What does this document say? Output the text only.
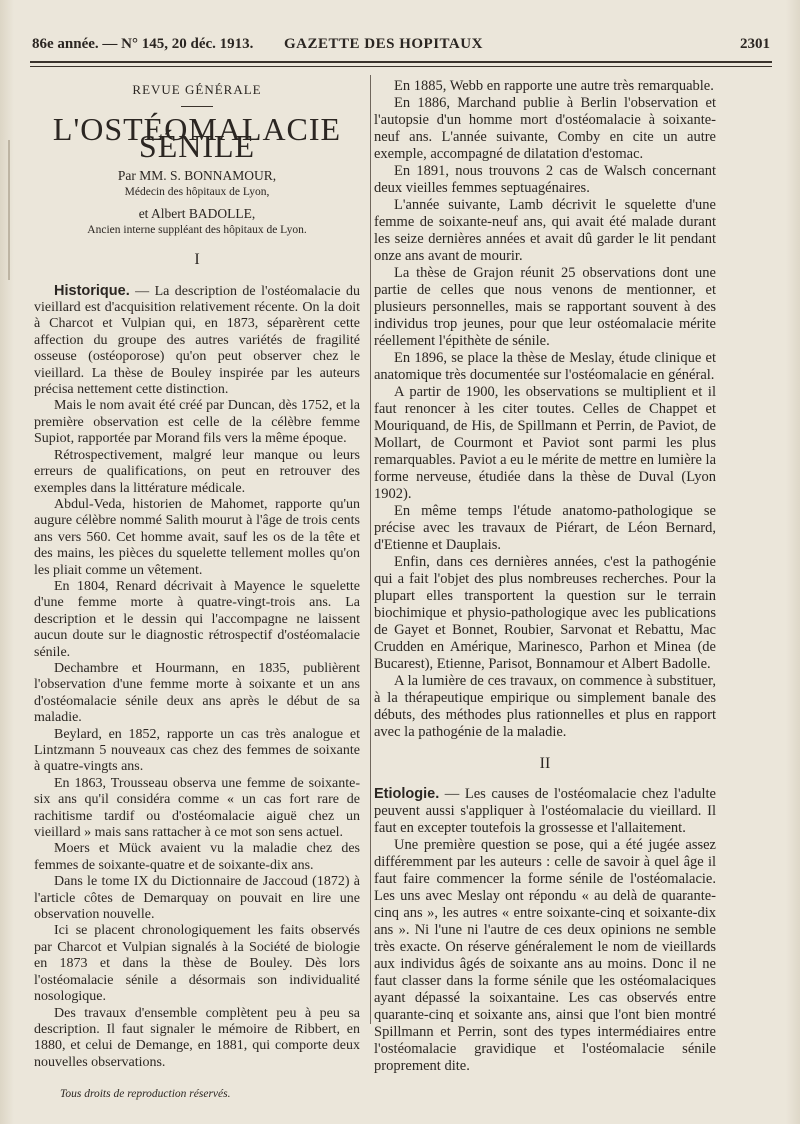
86e année. — N° 145, 20 déc. 1913. GAZETTE DES HOPITAUX	2301
REVUE GÉNÉRALE
L'OSTÉOMALACIE SÉNILE
Par MM. S. BONNAMOUR,
Médecin des hôpitaux de Lyon,
et Albert BADOLLE,
Ancien interne suppléant des hôpitaux de Lyon.
I

Historique. — La description de l'ostéomalacie du vieillard est d'acquisition relativement récente. On la doit à Charcot et Vulpian qui, en 1873, séparèrent cette affection du groupe des autres variétés de fragilité osseuse (ostéoporose) qu'on peut observer chez le vieillard. La thèse de Bouley inspirée par les auteurs précisa nettement cette distinction.

Mais le nom avait été créé par Duncan, dès 1752, et la première observation est celle de la célèbre femme Supiot, rapportée par Morand fils vers la même époque.

Rétrospectivement, malgré leur manque ou leurs erreurs de qualifications, on peut en retrouver des exemples dans la littérature médicale.

Abdul-Veda, historien de Mahomet, rapporte qu'un augure célèbre nommé Salith mourut à l'âge de trois cents ans vers 560. Cet homme avait, sauf les os de la tête et des mains, les pièces du squelette tellement molles qu'on les pliait comme un vêtement.

En 1804, Renard décrivait à Mayence le squelette d'une femme morte à quatre-vingt-trois ans. La description et le dessin qui l'accompagne ne laissent aucun doute sur le diagnostic rétrospectif d'ostéomalacie sénile.

Dechambre et Hourmann, en 1835, publièrent l'observation d'une femme morte à soixante et un ans d'ostéomalacie sénile deux ans après le début de sa maladie.

Beylard, en 1852, rapporte un cas très analogue et Lintzmann 5 nouveaux cas chez des femmes de soixante à quatre-vingts ans.

En 1863, Trousseau observa une femme de soixante-six ans qu'il considéra comme « un cas fort rare de rachitisme tardif ou d'ostéomalacie aiguë chez un vieillard » mais sans rattacher à ce mot son sens actuel.

Moers et Mück avaient vu la maladie chez des femmes de soixante-quatre et de soixante-dix ans.

Dans le tome IX du Dictionnaire de Jaccoud (1872) à l'article côtes de Demarquay on pouvait en lire une observation nouvelle.

Ici se placent chronologiquement les faits observés par Charcot et Vulpian signalés à la Société de biologie en 1873 et dans la thèse de Bouley. Dès lors l'ostéomalacie sénile a désormais son individualité nosologique.

Des travaux d'ensemble complètent peu à peu sa description. Il faut signaler le mémoire de Ribbert, en 1880, et celui de Demange, en 1881, qui comporte deux nouvelles observations.

En 1885, Webb en rapporte une autre très remarquable.

En 1886, Marchand publie à Berlin l'observation et l'autopsie d'un homme mort d'ostéomalacie à soixante-neuf ans. L'année suivante, Comby en cite un autre exemple, accompagné de dilatation d'estomac.

En 1891, nous trouvons 2 cas de Walsch concernant deux vieilles femmes septuagénaires.

L'année suivante, Lamb décrivit le squelette d'une femme de soixante-neuf ans, qui avait été malade durant les seize dernières années et avait dû garder le lit pendant onze ans avant de mourir.

La thèse de Grajon réunit 25 observations dont une partie de celles que nous venons de mentionner, et plusieurs personnelles, mais se rapportant souvent à des individus trop jeunes, pour que leur ostéomalacie mérite réellement l'épithète de sénile.

En 1896, se place la thèse de Meslay, étude clinique et anatomique très documentée sur l'ostéomalacie en général.

A partir de 1900, les observations se multiplient et il faut renoncer à les citer toutes. Celles de Chappet et Mouriquand, de His, de Spillmann et Perrin, de Paviot, de Mollart, de Courmont et Paviot sont parmi les plus remarquables. Paviot a eu le mérite de mettre en lumière la forme nerveuse, étudiée dans la thèse de Duval (Lyon 1902).

En même temps l'étude anatomo-pathologique se précise avec les travaux de Piérart, de Léon Bernard, d'Etienne et Dauplais.

Enfin, dans ces dernières années, c'est la pathogénie qui a fait l'objet des plus nombreuses recherches. Pour la plupart elles transportent la question sur le terrain biochimique et physio-pathologique avec les publications de Gayet et Bonnet, Roubier, Sarvonat et Rebattu, Mac Crudden en Amérique, Marinesco, Parhon et Minea (de Bucarest), Etienne, Parisot, Bonnamour et Albert Badolle.

A la lumière de ces travaux, on commence à substituer, à la thérapeutique empirique ou simplement banale des débuts, des méthodes plus rationnelles et plus en rapport avec la pathogénie de la maladie.

II

Etiologie. — Les causes de l'ostéomalacie chez l'adulte peuvent aussi s'appliquer à l'ostéomalacie du vieillard. Il faut en excepter toutefois la grossesse et l'allaitement.

Une première question se pose, qui a été jugée assez différemment par les auteurs : celle de savoir à quel âge il faut faire commencer la forme sénile de l'ostéomalacie. Les uns avec Meslay ont répondu « au delà de quarante-cinq ans », les autres « entre soixante-cinq et soixante-dix ans ». Ni l'une ni l'autre de ces deux opinions ne semble très exacte. On réserve généralement le nom de vieillards aux individus âgés de soixante ans au moins. Donc il ne faut classer dans la forme sénile que les ostéomalaciques ayant dépassé la soixantaine. Les cas observés entre quarante-cinq et soixante ans, ainsi que l'ont bien montré Spillmann et Perrin, sont des types intermédiaires entre l'ostéomalacie gravidique et l'ostéomalacie sénile proprement dite.

Tous droits de reproduction réservés.
